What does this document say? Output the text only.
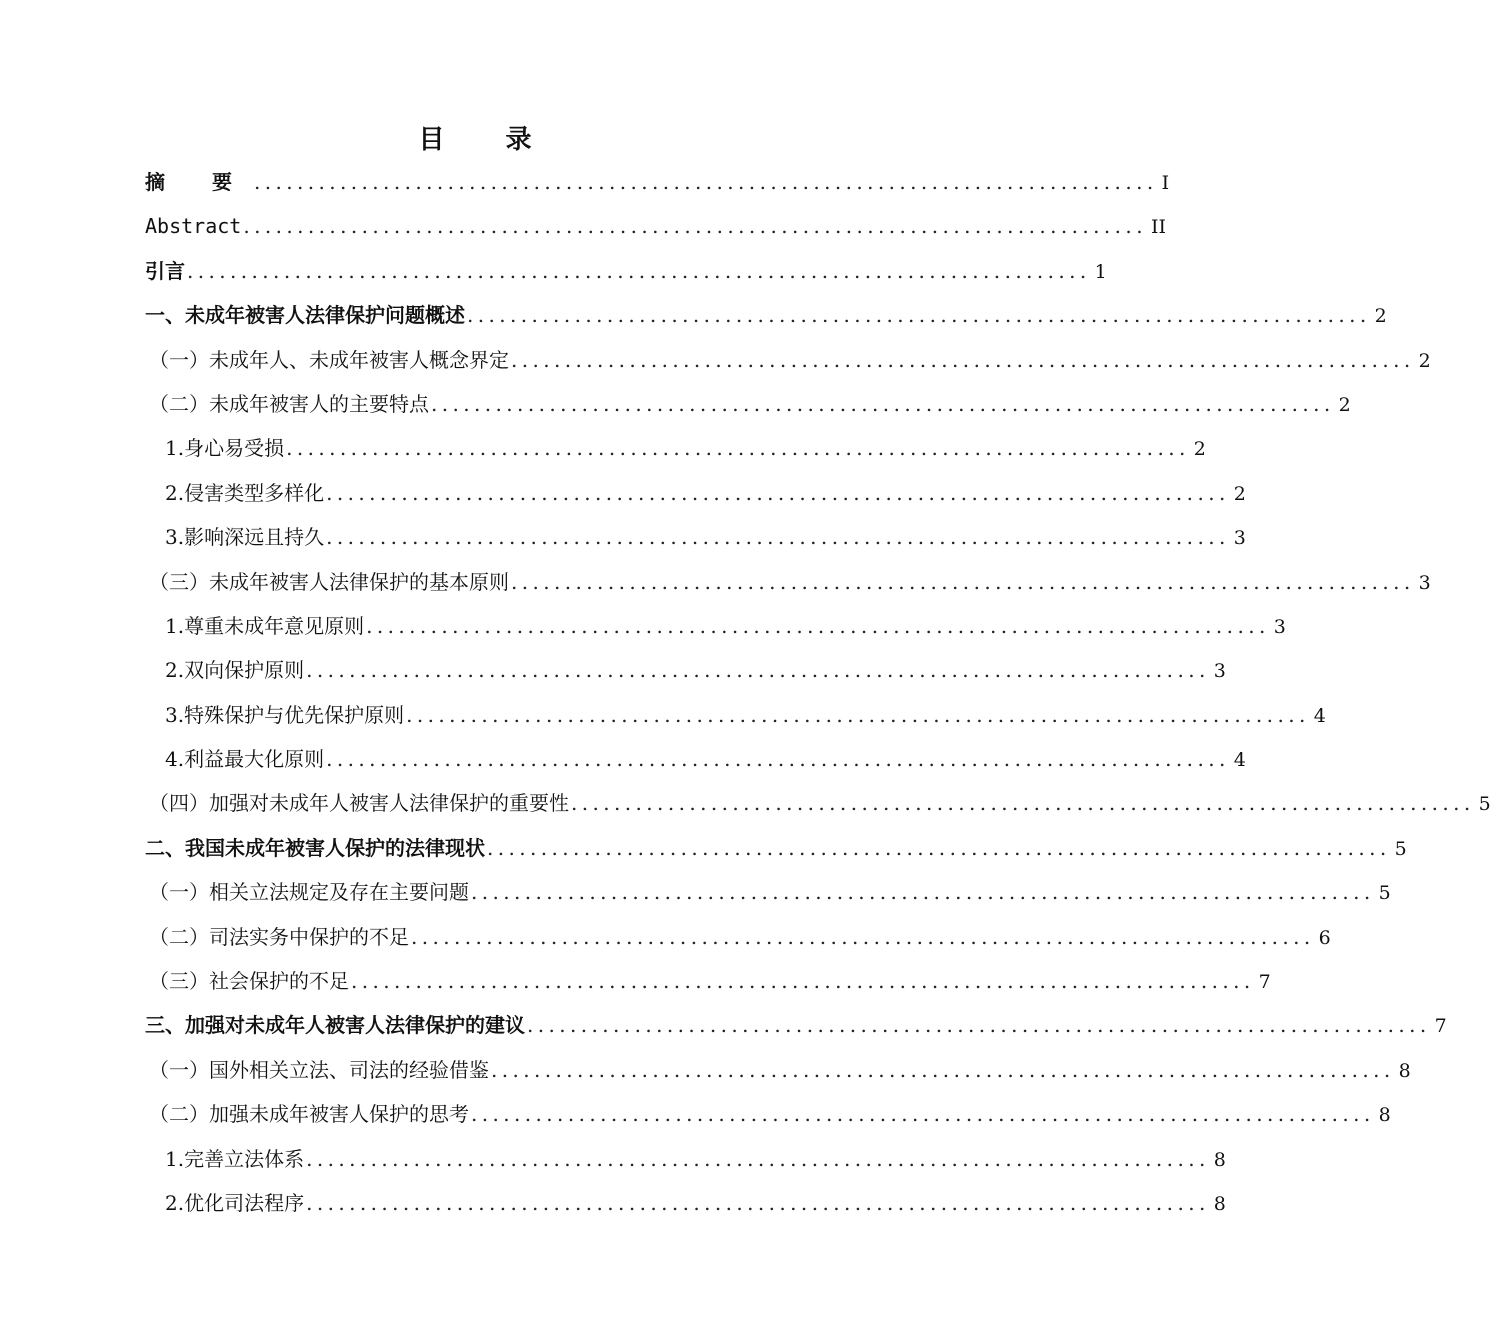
目 录
摘 要 .................................................................................... I
Abstract .................................................................................... II
引言 .................................................................................... 1
一、未成年被害人法律保护问题概述 .................................................................................... 2
（一）未成年人、未成年被害人概念界定 .................................................................................... 2
（二）未成年被害人的主要特点 .................................................................................... 2
1.身心易受损 .................................................................................... 2
2.侵害类型多样化 .................................................................................... 2
3.影响深远且持久 .................................................................................... 3
（三）未成年被害人法律保护的基本原则 .................................................................................... 3
1.尊重未成年意见原则 .................................................................................... 3
2.双向保护原则 .................................................................................... 3
3.特殊保护与优先保护原则 .................................................................................... 4
4.利益最大化原则 .................................................................................... 4
（四）加强对未成年人被害人法律保护的重要性 .................................................................................... 5
二、我国未成年被害人保护的法律现状 .................................................................................... 5
（一）相关立法规定及存在主要问题 .................................................................................... 5
（二）司法实务中保护的不足 .................................................................................... 6
（三）社会保护的不足 .................................................................................... 7
三、加强对未成年人被害人法律保护的建议 .................................................................................... 7
（一）国外相关立法、司法的经验借鉴 .................................................................................... 8
（二）加强未成年被害人保护的思考 .................................................................................... 8
1.完善立法体系 .................................................................................... 8
2.优化司法程序 .................................................................................... 8
